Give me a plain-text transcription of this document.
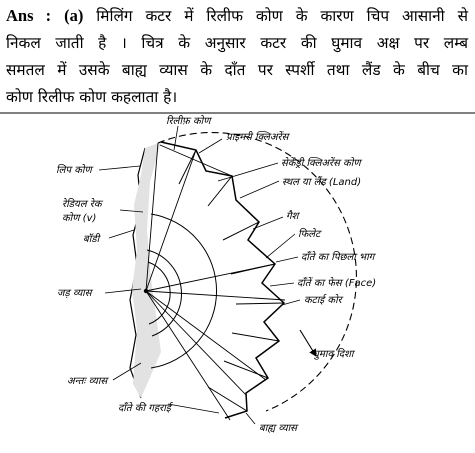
Ans : (a) मिलिंग कटर में रिलीफ कोण के कारण चिप आसानी से
निकल जाती है । चित्र के अनुसार कटर की घुमाव अक्ष पर लम्ब
समतल में उसके बाह्य व्यास के दाँत पर स्पर्शी तथा लैंड के बीच का
कोण रिलीफ कोण कहलाता है।
रिलीफ़ कोण
प्राइमरी क्लिअरेंस
लिप कोण
सेकेंड्री क्लिअरेंस कोण
स्थल या लैंड (Land)
रेडियल रेक
कोण (v)
बॉडी
गैश
फिलेट
दाँते का पिछला भाग
दाँतें का फेस (Face)
कटाई कोर
जड़ व्यास
घुमाव दिशा
अन्तः व्यास
दाँते की गहराई
बाह्य व्यास
